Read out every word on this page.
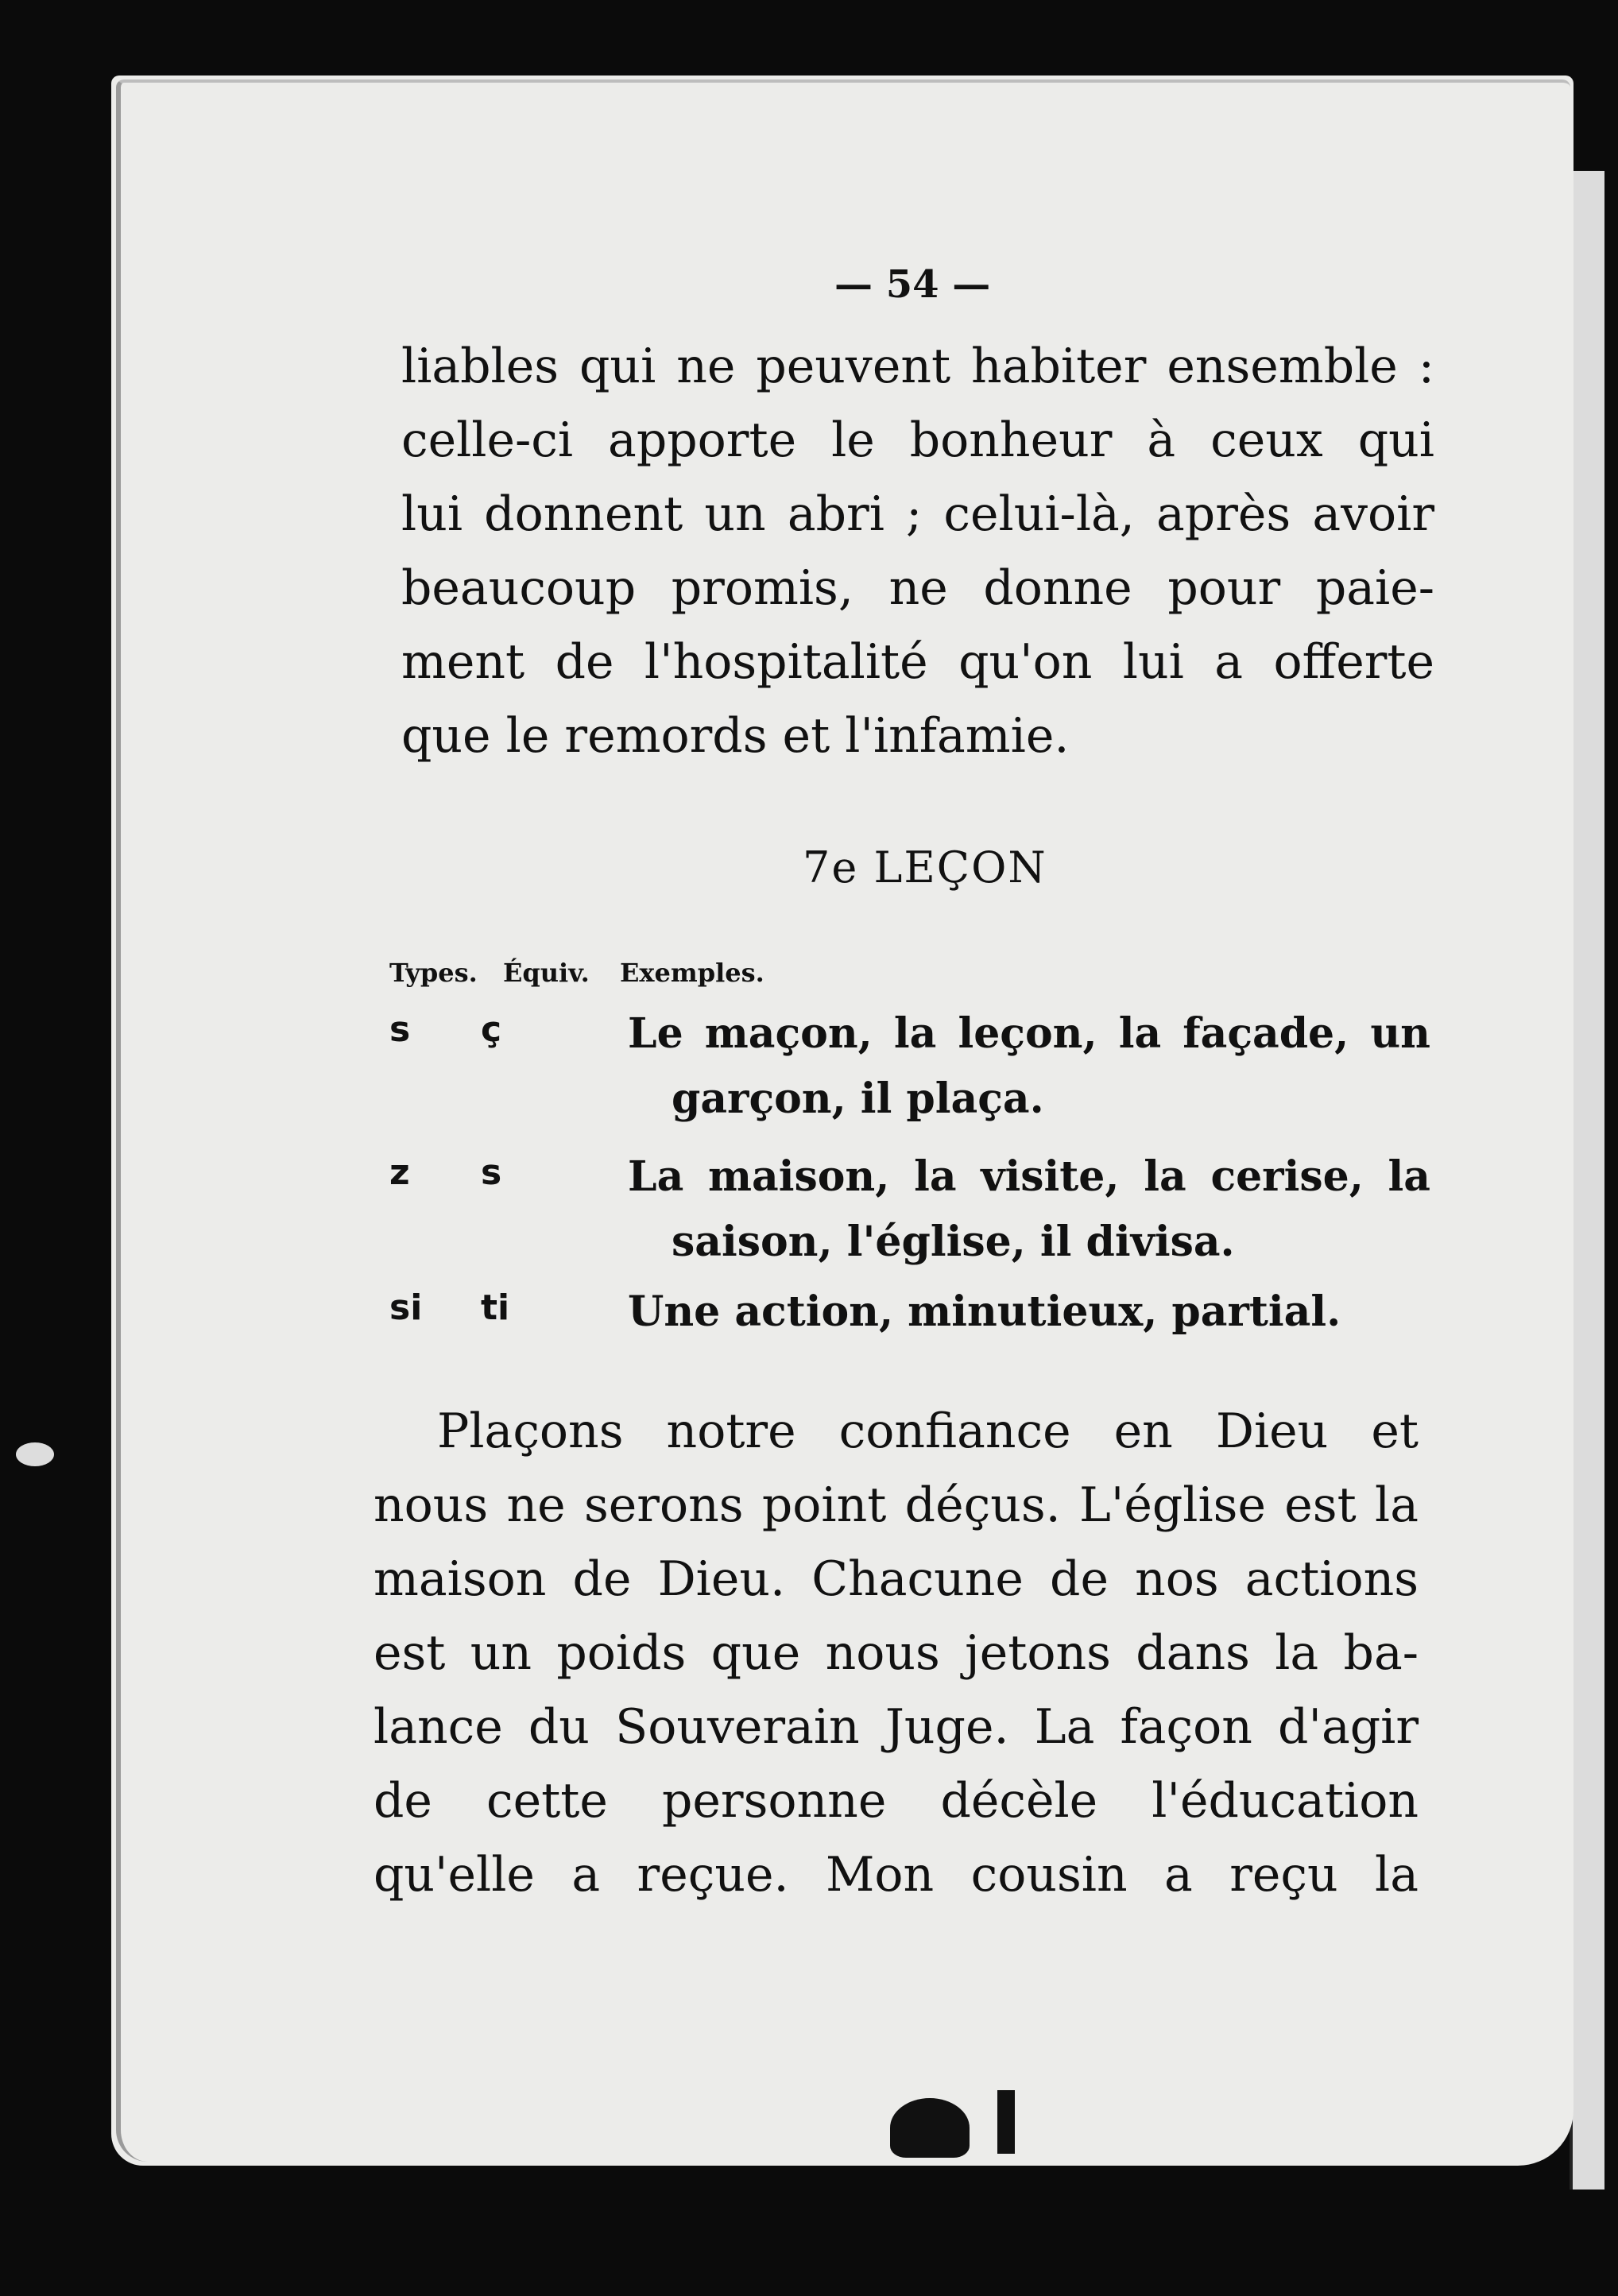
— 54 —
liables qui ne peuvent habiter ensemble :
celle-ci apporte le bonheur à ceux qui
lui donnent un abri ; celui-là, après avoir
beaucoup promis, ne donne pour paie-
ment de l'hospitalité qu'on lui a offerte
que le remords et l'infamie.
7e LEÇON
Types. Équiv. Exemples.
s ç	Le maçon, la leçon, la façade, un
garçon, il plaça.
z s	La maison, la visite, la cerise, la
saison, l'église, il divisa.
si ti	Une action, minutieux, partial.
Plaçons notre confiance en Dieu et
nous ne serons point déçus. L'église est la
maison de Dieu. Chacune de nos actions
est un poids que nous jetons dans la ba-
lance du Souverain Juge. La façon d'agir
de cette personne décèle l'éducation
qu'elle a reçue. Mon cousin a reçu la
